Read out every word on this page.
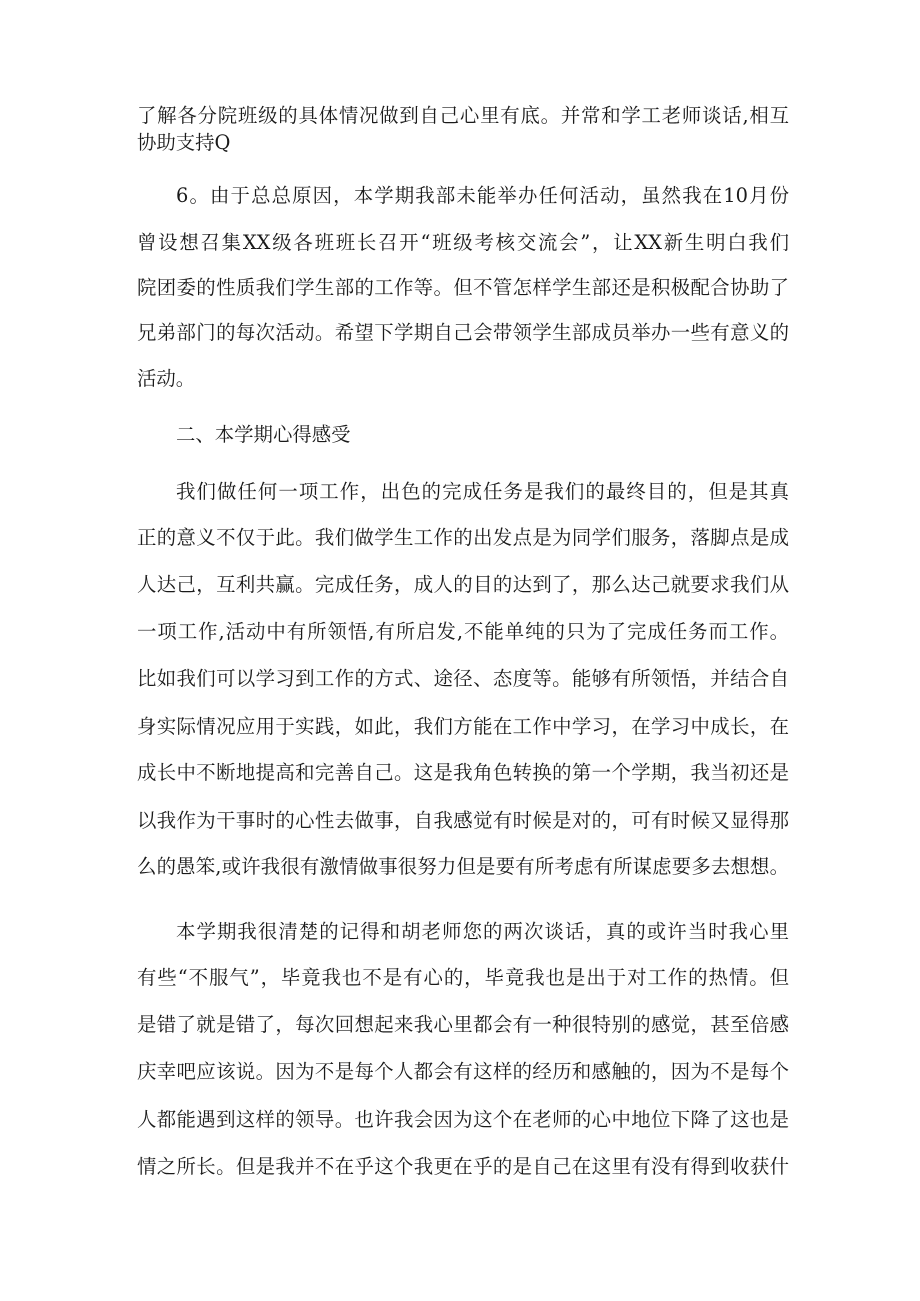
了解各分院班级的具体情况做到自己心里有底。并常和学工老师谈话,相互
协助支持Q
6。由于总总原因，本学期我部未能举办任何活动，虽然我在10月份
曾设想召集XX级各班班长召开“班级考核交流会”，让XX新生明白我们
院团委的性质我们学生部的工作等。但不管怎样学生部还是积极配合协助了
兄弟部门的每次活动。希望下学期自己会带领学生部成员举办一些有意义的
活动。
二、本学期心得感受
我们做任何一项工作，出色的完成任务是我们的最终目的，但是其真
正的意义不仅于此。我们做学生工作的出发点是为同学们服务，落脚点是成
人达己，互利共赢。完成任务，成人的目的达到了，那么达己就要求我们从
一项工作,活动中有所领悟,有所启发,不能单纯的只为了完成任务而工作。
比如我们可以学习到工作的方式、途径、态度等。能够有所领悟，并结合自
身实际情况应用于实践，如此，我们方能在工作中学习，在学习中成长，在
成长中不断地提高和完善自己。这是我角色转换的第一个学期，我当初还是
以我作为干事时的心性去做事，自我感觉有时候是对的，可有时候又显得那
么的愚笨,或许我很有激情做事很努力但是要有所考虑有所谋虑要多去想想。
本学期我很清楚的记得和胡老师您的两次谈话，真的或许当时我心里
有些“不服气”，毕竟我也不是有心的，毕竟我也是出于对工作的热情。但
是错了就是错了，每次回想起来我心里都会有一种很特别的感觉，甚至倍感
庆幸吧应该说。因为不是每个人都会有这样的经历和感触的，因为不是每个
人都能遇到这样的领导。也许我会因为这个在老师的心中地位下降了这也是
情之所长。但是我并不在乎这个我更在乎的是自己在这里有没有得到收获什
